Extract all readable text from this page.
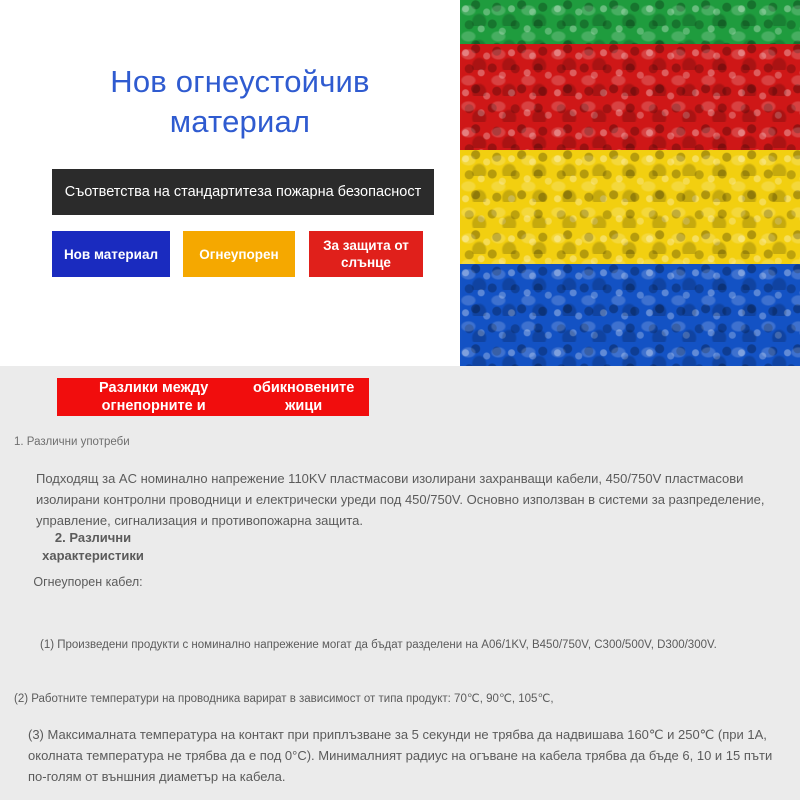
Нов огнеустойчив материал
Съответства на стандартите за пожарна безопасност
Нов материал	Огнеупорен
За защита от слънце
Разлики между огнепорните и
обикновените жици
1. Различни употреби
Подходящ за AC номинално напрежение 110KV пластмасови изолирани захранващи кабели, 450/750V пластмасови изолирани контролни проводници и електрически уреди под 450/750V. Основно използван в системи за разпределение, управление, сигнализация и противопожарна защита.
2. Различни характеристики
Огнеупорен кабел:
(1) Произведени продукти с номинално напрежение могат да бъдат разделени на A06/1KV, B450/750V, C300/500V, D300/300V.
(2) Работните температури на проводника варират в зависимост от типа продукт: 70℃, 90℃, 105℃,
(3) Максималната температура на контакт при приплъзване за 5 секунди не трябва да надвишава 160℃ и 250℃ (при 1A, околната температура не трябва да е под 0°C). Минималният радиус на огъване на кабела трябва да бъде 6, 10 и 15 пъти по-голям от външния диаметър на кабела.
